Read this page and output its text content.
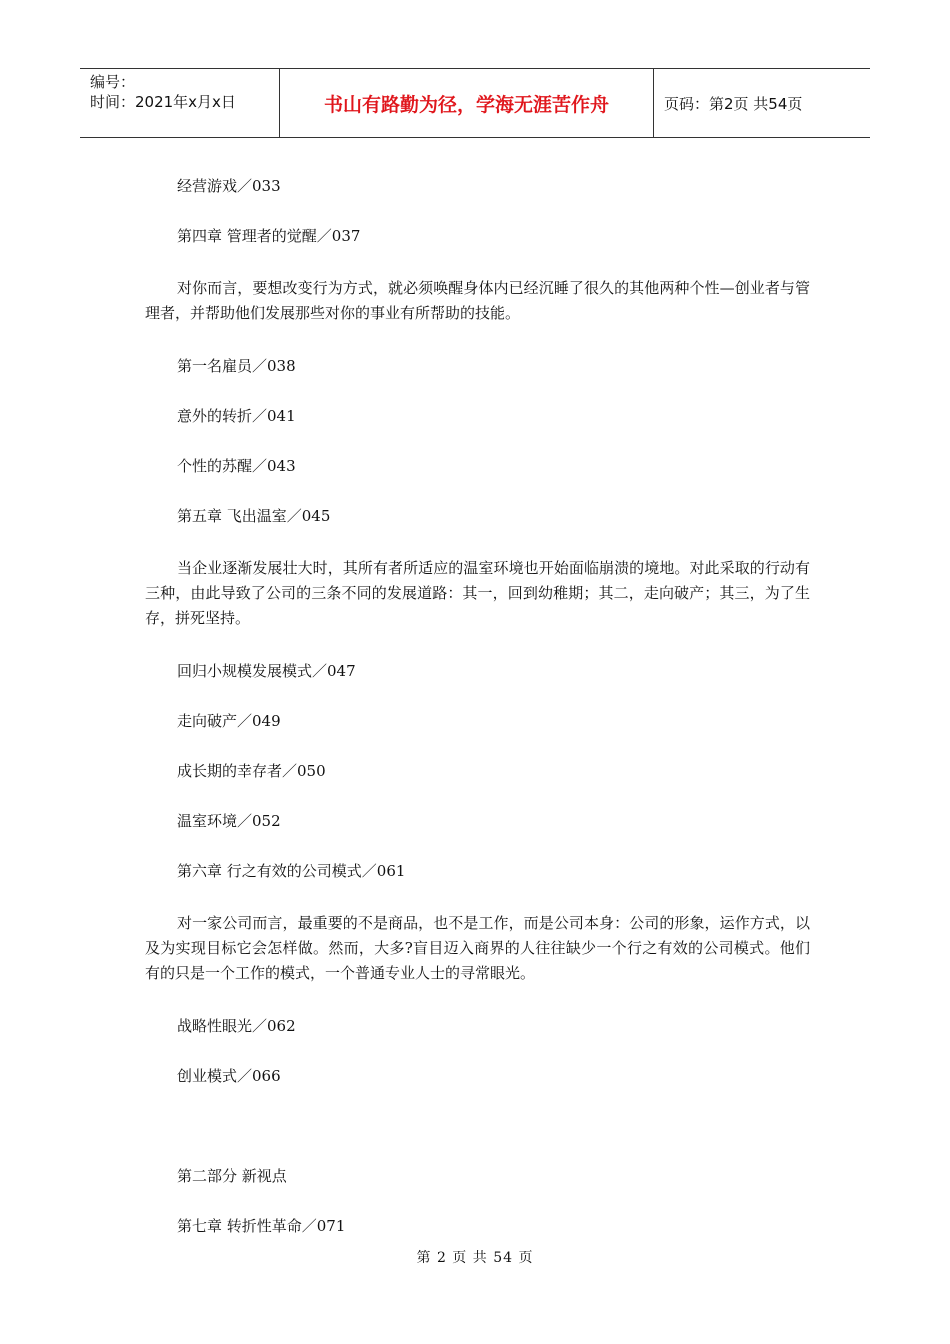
编号：
时间：2021年x月x日	书山有路勤为径，学海无涯苦作舟	页码：第2页 共54页

经营游戏／033

第四章 管理者的觉醒／037

对你而言，要想改变行为方式，就必须唤醒身体内已经沉睡了很久的其他两种个性—创业者与管理者，并帮助他们发展那些对你的事业有所帮助的技能。

第一名雇员／038

意外的转折／041

个性的苏醒／043

第五章 飞出温室／045

当企业逐渐发展壮大时，其所有者所适应的温室环境也开始面临崩溃的境地。对此采取的行动有三种，由此导致了公司的三条不同的发展道路：其一，回到幼稚期；其二，走向破产；其三，为了生存，拼死坚持。

回归小规模发展模式／047

走向破产／049

成长期的幸存者／050

温室环境／052

第六章 行之有效的公司模式／061

对一家公司而言，最重要的不是商品，也不是工作，而是公司本身：公司的形象，运作方式，以及为实现目标它会怎样做。然而，大多?盲目迈入商界的人往往缺少一个行之有效的公司模式。他们有的只是一个工作的模式，一个普通专业人士的寻常眼光。

战略性眼光／062

创业模式／066

第二部分 新视点

第七章 转折性革命／071

第 2 页 共 54 页
